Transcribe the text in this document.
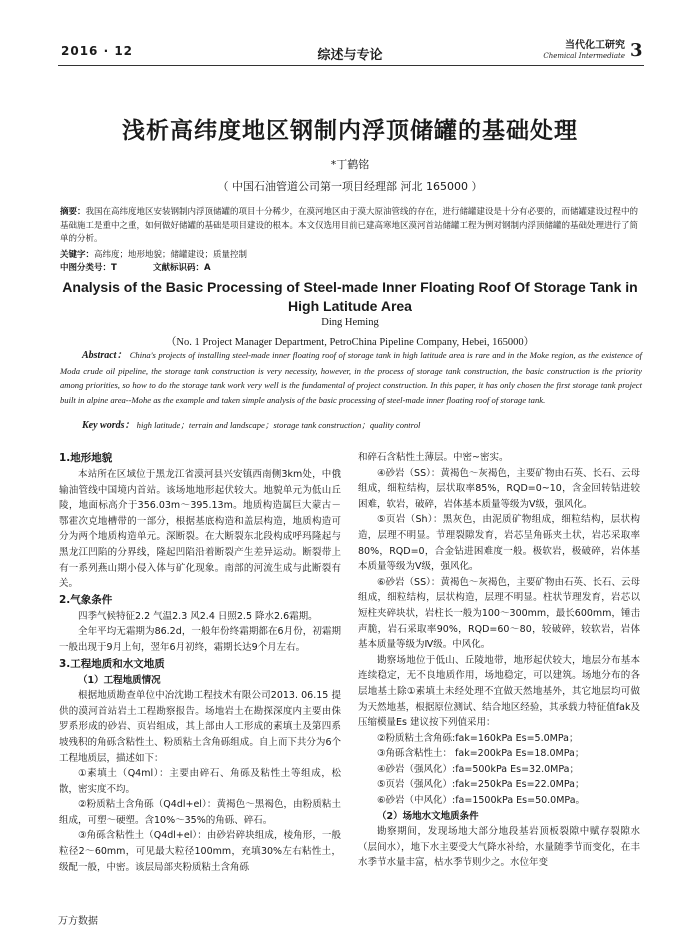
2016 · 12	综述与专论
当代化工研究
Chemical Intermediate 3
浅析高纬度地区钢制内浮顶储罐的基础处理
*丁鹤铭
（ 中国石油管道公司第一项目经理部 河北 165000 ）
摘要：我国在高纬度地区安装钢制内浮顶储罐的项目十分稀少，在漠河地区由于漠大原油管线的存在，进行储罐建设是十分有必要的，而储罐建设过程中的基础施工是重中之重，如何做好储罐的基础是项目建设的根本。本文仅选用目前已建高寒地区漠河首站储罐工程为例对钢制内浮顶储罐的基础处理进行了简单的分析。
关键字：高纬度；地形地貌；储罐建设；质量控制
中图分类号：T	文献标识码：A
Analysis of the Basic Processing of Steel-made Inner Floating Roof Of Storage Tank in High Latitude Area
Ding Heming
（No. 1 Project Manager Department, PetroChina Pipeline Company, Hebei, 165000）
Abstract： China's projects of installing steel-made inner floating roof of storage tank in high latitude area is rare and in the Moke region, as the existence of Moda crude oil pipeline, the storage tank construction is very necessity, however, in the process of storage tank construction, the basic construction is the priority among priorities, so how to do the storage tank work very well is the fundamental of project construction. In this paper, it has only chosen the first storage tank project built in alpine area--Mohe as the example and taken simple analysis of the basic processing of steel-made inner floating roof of storage tank.
Key words： high latitude；terrain and landscape；storage tank construction；quality control
1.地形地貌

本站所在区域位于黑龙江省漠河县兴安镇西南侧3km处，中俄输油管线中国境内首站。该场地地形起伏较大。地貌单元为低山丘陵，地面标高介于356.03m～395.13m。地质构造属巨大蒙古－鄂霍次克地槽带的一部分，根据基底构造和盖层构造，地质构造可分为两个地质构造单元。深断裂。在大断裂东北段构成呼玛隆起与黑龙江凹陷的分界线，隆起凹陷沿着断裂产生差异运动。断裂带上有一系列燕山期小侵入体与矿化现象。南部的河流生成与此断裂有关。

2.气象条件

四季气候特征2.2 气温2.3 风2.4 日照2.5 降水2.6霜期。

全年平均无霜期为86.2d，一般年份终霜期都在6月份，初霜期一般出现于9月上旬，翌年6月初终，霜期长达9个月左右。

3.工程地质和水文地质
（1）工程地质情况

根据地质勘查单位中冶沈勘工程技术有限公司2013. 06.15 提供的漠河首站岩土工程勘察报告。场地岩土在勘探深度内主要由侏罗系形成的砂岩、页岩组成，其上部由人工形成的素填土及第四系坡残积的角砾含粘性土、粉质粘土含角砾组成。自上而下共分为6个工程地质层，描述如下：

①素填土（Q4ml）：主要由碎石、角砾及粘性土等组成，松散，密实度不均。

②粉质粘土含角砾（Q4dl+el）：黄褐色～黑褐色，由粉质粘土组成，可塑～硬塑。含10%～35%的角砾、碎石。

③角砾含粘性土（Q4dl+el）：由砂岩碎块组成，棱角形，一般粒径2～60mm，可见最大粒径100mm，充填30%左右粘性土，级配一般，中密。该层局部夹粉质粘土含角砾

和碎石含粘性土薄层。中密~密实。

④砂岩（SS）：黄褐色～灰褐色，主要矿物由石英、长石、云母组成，细粒结构，层状取率85%，RQD=0~10，含金回转钻进较困难，软岩，破碎，岩体基本质量等级为Ⅴ级，强风化。

⑤页岩（Sh）：黑灰色，由泥质矿物组成，细粒结构，层状构造，层理不明显。节理裂隙发育，岩芯呈角砾夹土状，岩芯采取率80%，RQD=0，合金钻进困难度一般。极软岩，极破碎，岩体基本质量等级为Ⅴ级，强风化。

⑥砂岩（SS）：黄褐色～灰褐色，主要矿物由石英、长石、云母组成，细粒结构，层状构造，层理不明显。柱状节理发育，岩芯以短柱夹碎块状，岩柱长一般为100～300mm，最长600mm，锤击声脆，岩石采取率90%，RQD=60～80，较破碎，较软岩，岩体基本质量等级为Ⅳ级。中风化。

勘察场地位于低山、丘陵地带，地形起伏较大，地层分布基本连续稳定，无不良地质作用，场地稳定，可以建筑。场地分布的各层地基土除①素填土未经处理不宜做天然地基外，其它地层均可做为天然地基，根据原位测试、结合地区经验，其承载力特征值fak及压缩模量Es 建议按下列值采用：

②粉质粘土含角砾:fak=160kPa Es=5.0MPa；

③角砾含粘性土： fak=200kPa Es=18.0MPa；

④砂岩（强风化）:fa=500kPa Es=32.0MPa；

⑤页岩（强风化）:fak=250kPa Es=22.0MPa；

⑥砂岩（中风化）:fa=1500kPa Es=50.0MPa。

（2）场地水文地质条件

勘察期间，发现场地大部分地段基岩顶板裂隙中赋存裂隙水（层间水），地下水主要受大气降水补给，水量随季节而变化，在丰水季节水量丰富，枯水季节则少之。水位年变

万方数据
